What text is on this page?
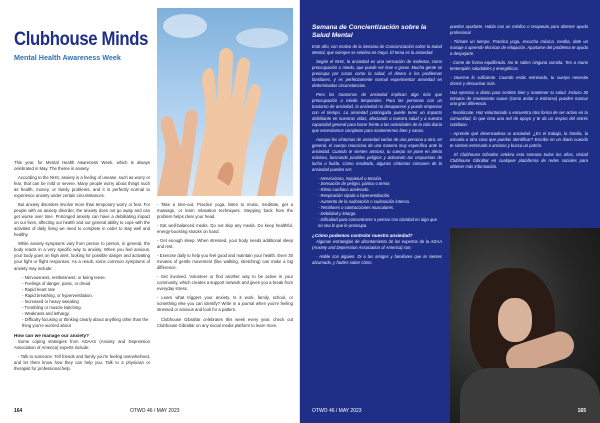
Clubhouse Minds
Mental Health Awareness Week

This year, for Mental Health Awareness Week, which is always celebrated in May. The theme is anxiety.

According to the NHS, anxiety is a feeling of unease, such as worry or fear, that can be mild or severe. Many people worry about things such as health, money, or family problems, and it is perfectly normal to experience anxiety under certain circumstances.

But anxiety disorders involve more than temporary worry or fear. For people with an anxiety disorder, the anxiety does not go away and can get worse over time. Prolonged anxiety can have a debilitating impact on our lives, affecting our health and our general ability to cope with the activities of daily living we need to complete in order to stay well and healthy.

While anxiety symptoms vary from person to person, in general, the body reacts in a very specific way to anxiety. When you feel anxious, your body goes on high alert, looking for possible danger and activating your fight or flight responses. As a result, some common symptoms of anxiety may include:

- Nervousness, restlessness, or being tense.
- Feelings of danger, panic, or dread
- Rapid heart rate
- Rapid breathing, or hyperventilation.
- Increased or heavy sweating
- Trembling or muscle twitching.
- Weakness and lethargy.
- Difficulty focusing or thinking clearly about anything other than the thing you're worried about
How can we manage our anxiety?

Some coping strategies from ADAAS (Anxiety and Depression Association of America) experts include:

- Talk to someone. Tell friends and family you're feeling overwhelmed, and let them know how they can help you. Talk to a physician or therapist for professional help.

- Take a time-out. Practice yoga, listen to music, meditate, get a massage, or learn relaxation techniques. Stepping back from the problem helps clear your head.

- Eat well-balanced meals. Do not skip any meals. Do keep healthful, energy-boosting snacks on hand.

- Get enough sleep. When stressed, your body needs additional sleep and rest.

- Exercise daily to help you feel good and maintain your health. Even 30 minutes of gentle movement (like walking, stretching) can make a big difference.

- Get involved. Volunteer or find another way to be active in your community, which creates a support network and gives you a break from everyday stress.

- Learn what triggers your anxiety. Is it work, family, school, or something else you can identify? Write in a journal when you're feeling stressed or anxious and look for a pattern.

Clubhouse Gibraltar celebrates this week every year, check out Clubhouse Gibraltar on any social media platform to learn more.

164	OTWO 46 / MAY 2023
Semana de Concientización sobre la Salud Mental

Este año, con motivo de la Semana de Concienciación sobre la Salud Mental, que siempre se celebra en mayo. El tema es la ansiedad.

Según el NHS, la ansiedad es una sensación de malestar, como preocupación o miedo, que puede ser leve o grave. Mucha gente se preocupa por cosas como la salud, el dinero o los problemas familiares, y es perfectamente normal experimentar ansiedad en determinadas circunstancias.

Pero los trastornos de ansiedad implican algo más que preocupación o miedo temporales. Para las personas con un trastorno de ansiedad, la ansiedad no desaparece y puede empeorar con el tiempo. La ansiedad prolongada puede tener un impacto debilitante en nuestras vidas, afectando a nuestra salud y a nuestra capacidad general para hacer frente a las actividades de la vida diaria que necesitamos completar para mantenernos bien y sanos.

Aunque los síntomas de ansiedad varían de una persona a otra, en general, el cuerpo reacciona de una manera muy específica ante la ansiedad. Cuando te sientes ansioso, tu cuerpo se pone en alerta máxima, buscando posibles peligros y activando tus respuestas de lucha o huida. Como resultado, algunos síntomas comunes de la ansiedad pueden ser:

- Nerviosismo, inquietud o tensión.
- Sensación de peligro, pánico o temor.
- Ritmo cardíaco acelerado.
- Respiración rápida o hiperventilación.
- Aumento de la sudoración o sudoración intensa.
- Temblores o contracciones musculares.
- Debilidad y letargo.
- Dificultad para concentrarse o pensar con claridad en algo que no sea lo que le preocupa.
¿Cómo podemos controlar nuestra ansiedad?

Algunas estrategias de afrontamiento de los expertos de la ADAA (Anxiety and Depression Association of America) son:

- Hable con alguien. Di a tus amigos y familiares que te sientes abrumado, y hazles saber cómo

pueden ayudarte. Habla con un médico o terapeuta para obtener ayuda profesional.

- Tómate un tiempo. Practica yoga, escucha música, medita, date un masaje o aprende técnicas de relajación. Apartarse del problema te ayuda a despejarte.

- Come de forma equilibrada. No te saltes ninguna comida. Ten a mano tentempiés saludables y energéticos.

- Duerme lo suficiente. Cuando estás estresado, tu cuerpo necesita dormir y descansar más.

Haz ejercicio a diario para sentirte bien y mantener tu salud. Incluso 30 minutos de movimiento suave (como andar o estirarse) pueden marcar una gran diferencia.

- Involúcrate. Haz voluntariado o encuentra otra forma de ser activo en tu comunidad, lo que crea una red de apoyo y te da un respiro del estrés cotidiano.

- Aprende qué desencadena tu ansiedad. ¿Es el trabajo, la familia, la escuela u otra cosa que puedas identificar? Escribe en un diario cuando te sientas estresado o ansioso y busca un patrón.

El Clubhouse Gibraltar celebra esta semana todos los años, visitad Clubhouse Gibraltar en cualquier plataforma de redes sociales para obtener más información.

OTWO 46 / MAY 2023	165
